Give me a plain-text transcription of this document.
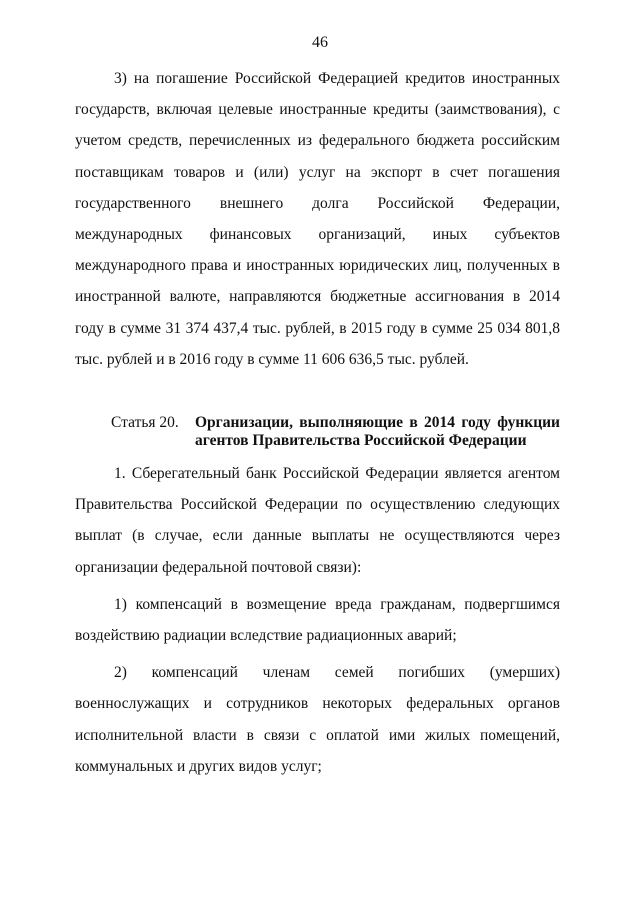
46

3) на погашение Российской Федерацией кредитов иностранных государств, включая целевые иностранные кредиты (заимствования), с учетом средств, перечисленных из федерального бюджета российским поставщикам товаров и (или) услуг на экспорт в счет погашения государственного внешнего долга Российской Федерации, международных финансовых организаций, иных субъектов международного права и иностранных юридических лиц, полученных в иностранной валюте, направляются бюджетные ассигнования в 2014 году в сумме 31 374 437,4 тыс. рублей, в 2015 году в сумме 25 034 801,8 тыс. рублей и в 2016 году в сумме 11 606 636,5 тыс. рублей.

Статья 20.	Организации, выполняющие в 2014 году функции агентов Правительства Российской Федерации

1. Сберегательный банк Российской Федерации является агентом Правительства Российской Федерации по осуществлению следующих выплат (в случае, если данные выплаты не осуществляются через организации федеральной почтовой связи):

1) компенсаций в возмещение вреда гражданам, подвергшимся воздействию радиации вследствие радиационных аварий;

2) компенсаций членам семей погибших (умерших) военнослужащих и сотрудников некоторых федеральных органов исполнительной власти в связи с оплатой ими жилых помещений, коммунальных и других видов услуг;
